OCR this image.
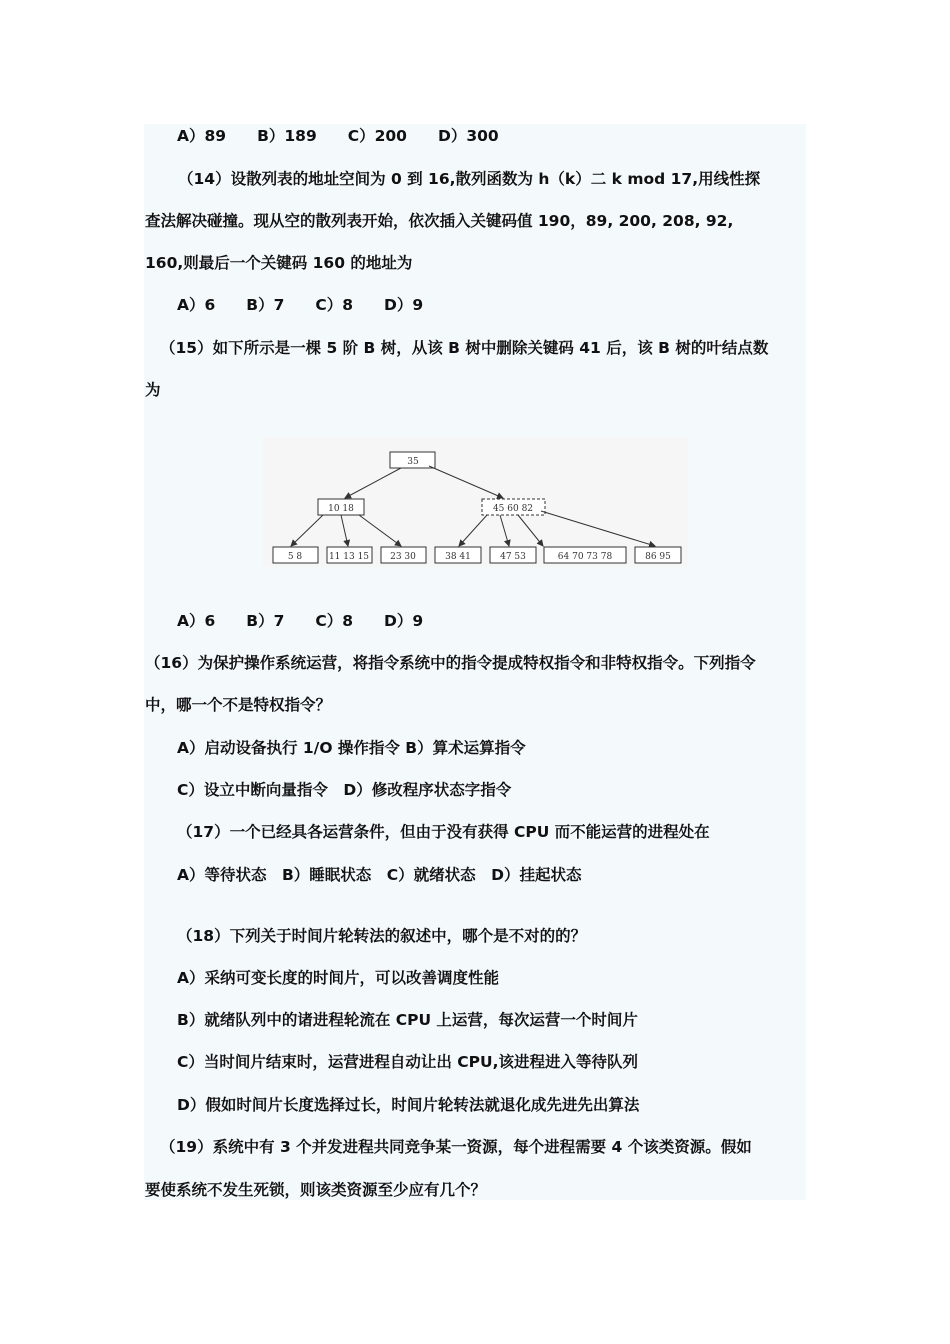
A）89　　B）189　　C）200　　D）300
（14）设散列表的地址空间为 0 到 16,散列函数为 h（k）二 k mod 17,用线性探
查法解决碰撞。现从空的散列表开始，依次插入关键码值 190，89, 200, 208, 92,
160,则最后一个关键码 160 的地址为
A）6　　B）7　　C）8　　D）9
（15）如下所示是一棵 5 阶 B 树，从该 B 树中删除关键码 41 后，该 B 树的叶结点数
为
35
10 18	45 60 82
5 8	11 13 15 23 30	38 41	47 53	64 70 73 78	86 95
A）6　　B）7　　C）8　　D）9
（16）为保护操作系统运营，将指令系统中的指令提成特权指令和非特权指令。下列指令
中，哪一个不是特权指令？
A）启动设备执行 1/O 操作指令 B）算术运算指令
C）设立中断向量指令　D）修改程序状态字指令
（17）一个已经具各运营条件，但由于没有获得 CPU 而不能运营的进程处在
A）等待状态　B）睡眠状态　C）就绪状态　D）挂起状态
（18）下列关于时间片轮转法的叙述中，哪个是不对的的？
A）采纳可变长度的时间片，可以改善调度性能
B）就绪队列中的诸进程轮流在 CPU 上运营，每次运营一个时间片
C）当时间片结束时，运营进程自动让出 CPU,该进程进入等待队列
D）假如时间片长度选择过长，时间片轮转法就退化成先进先出算法
（19）系统中有 3 个并发进程共同竞争某一资源，每个进程需要 4 个该类资源。假如
要使系统不发生死锁，则该类资源至少应有几个？
